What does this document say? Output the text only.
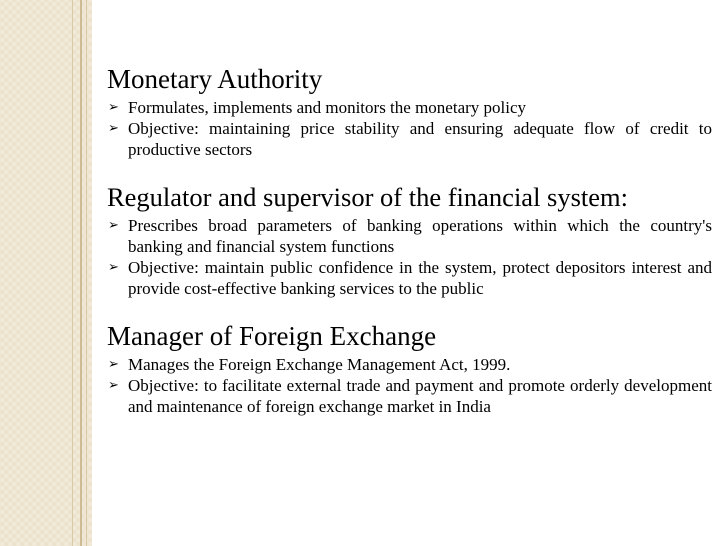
Monetary Authority
➢ Formulates, implements and monitors the monetary policy
➢ Objective: maintaining price stability and ensuring adequate flow of credit to productive sectors
Regulator and supervisor of the financial system:
➢ Prescribes broad parameters of banking operations within which the country's banking and financial system functions
➢ Objective: maintain public confidence in the system, protect depositors interest and provide cost-effective banking services to the public
Manager of Foreign Exchange
➢ Manages the Foreign Exchange Management Act, 1999.
➢ Objective: to facilitate external trade and payment and promote orderly development and maintenance of foreign exchange market in India
